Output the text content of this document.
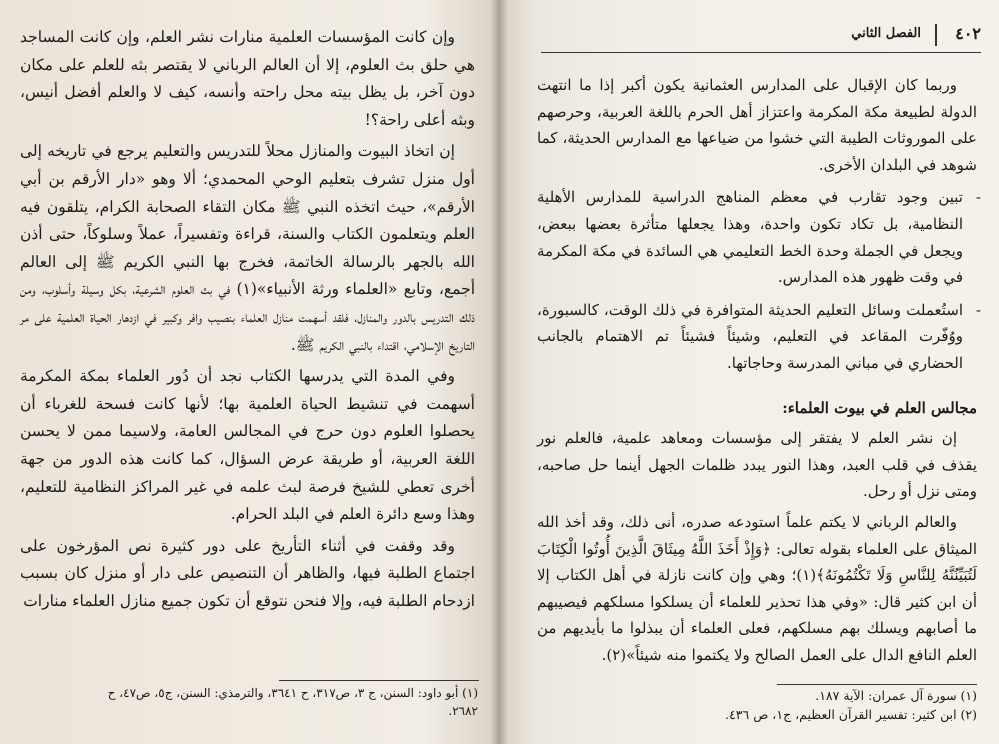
وإن كانت المؤسسات العلمية منارات نشر العلم، وإن كانت المساجد هي حلق بث العلوم، إلا أن العالم الرباني لا يقتصر بثه للعلم على مكان دون آخر، بل يظل بيته محل راحته وأنسه، كيف لا والعلم أفضل أنيس، وبثه أعلى راحة؟!

إن اتخاذ البيوت والمنازل محلاً للتدريس والتعليم يرجع في تاريخه إلى أول منزل تشرف بتعليم الوحي المحمدي؛ ألا وهو «دار الأرقم بن أبي الأرقم»، حيث اتخذه النبي ﷺ مكان التقاء الصحابة الكرام، يتلقون فيه العلم ويتعلمون الكتاب والسنة، قراءة وتفسيراً، عملاً وسلوكاً، حتى أذن الله بالجهر بالرسالة الخاتمة، فخرج بها النبي الكريم ﷺ إلى العالم أجمع، وتابع «العلماء ورثة الأنبياء»(١) في بث العلوم الشرعية، بكل وسيلة وأسلوب، ومن ذلك التدريس بالدور والمنازل، فلقد أسهمت منازل العلماء بنصيب وافر وكبير في ازدهار الحياة العلمية على مر التاريخ الإسلامي، اقتداء بالنبي الكريم ﷺ.

وفي المدة التي يدرسها الكتاب نجد أن دُور العلماء بمكة المكرمة أسهمت في تنشيط الحياة العلمية بها؛ لأنها كانت فسحة للغرباء أن يحصلوا العلوم دون حرج في المجالس العامة، ولاسيما ممن لا يحسن اللغة العربية، أو طريقة عرض السؤال، كما كانت هذه الدور من جهة أخرى تعطي للشيخ فرصة لبث علمه في غير المراكز النظامية للتعليم، وهذا وسع دائرة العلم في البلد الحرام.

وقد وقفت في أثناء التأريخ على دور كثيرة نص المؤرخون على اجتماع الطلبة فيها، والظاهر أن التنصيص على دار أو منزل كان بسبب ازدحام الطلبة فيه، وإلا فنحن نتوقع أن تكون جميع منازل العلماء منارات

(١) أبو داود: السنن، ج ٣، ص٣١٧، ح ٣٦٤١، والترمذي: السنن، ج٥، ص٤٧، ح
٢٦٨٢.
٤٠٢
الفصل الثاني

وربما كان الإقبال على المدارس العثمانية يكون أكبر إذا ما انتهت الدولة لطبيعة مكة المكرمة واعتزاز أهل الحرم باللغة العربية، وحرصهم على الموروثات الطيبة التي خشوا من ضياعها مع المدارس الحديثة، كما شوهد في البلدان الأخرى.

-
تبين وجود تقارب في معظم المناهج الدراسية للمدارس الأهلية النظامية، بل تكاد تكون واحدة، وهذا يجعلها متأثرة بعضها ببعض، ويجعل في الجملة وحدة الخط التعليمي هي السائدة في مكة المكرمة في وقت ظهور هذه المدارس.
-
استُعملت وسائل التعليم الحديثة المتوافرة في ذلك الوقت، كالسبورة، ووُفّرت المقاعد في التعليم، وشيئاً فشيئاً تم الاهتمام بالجانب الحضاري في مباني المدرسة وحاجاتها.
مجالس العلم في بيوت العلماء:

إن نشر العلم لا يفتقر إلى مؤسسات ومعاهد علمية، فالعلم نور يقذف في قلب العبد، وهذا النور يبدد ظلمات الجهل أينما حل صاحبه، ومتى نزل أو رحل.

والعالم الرباني لا يكتم علماً استودعه صدره، أنى ذلك، وقد أخذ الله الميثاق على العلماء بقوله تعالى: ﴿وَإِذْ أَخَذَ اللَّهُ مِيثَاقَ الَّذِينَ أُوتُوا الْكِتَابَ لَتُبَيِّنُنَّهُ لِلنَّاسِ وَلَا تَكْتُمُونَهُ﴾(١)؛ وهي وإن كانت نازلة في أهل الكتاب إلا أن ابن كثير قال: «وفي هذا تحذير للعلماء أن يسلكوا مسلكهم فيصيبهم ما أصابهم ويسلك بهم مسلكهم، فعلى العلماء أن يبذلوا ما بأيديهم من العلم النافع الدال على العمل الصالح ولا يكتموا منه شيئاً»(٢).

(١) سورة آل عمران: الآية ١٨٧.
(٢) ابن كثير: تفسير القرآن العظيم، ج١، ص ٤٣٦.
